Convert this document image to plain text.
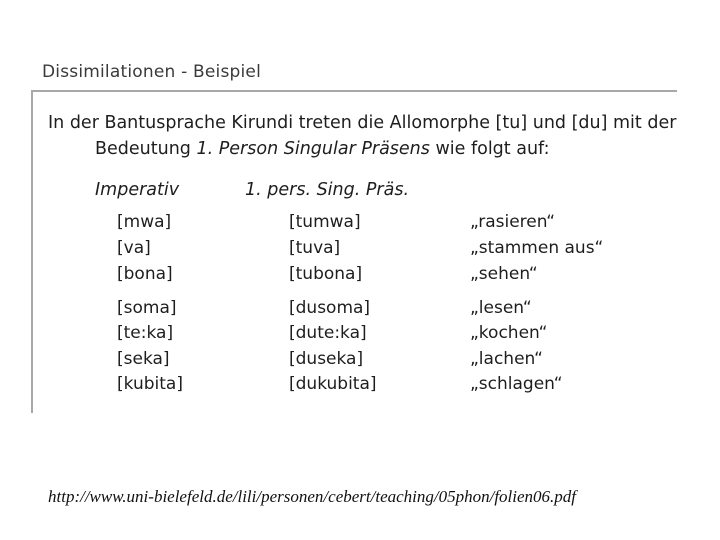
Dissimilationen - Beispiel
In der Bantusprache Kirundi treten die Allomorphe [tu] und [du] mit der
Bedeutung 1. Person Singular Präsens wie folgt auf:
Imperativ	1. pers. Sing. Präs.
[mwa]	[tumwa]	„rasieren“
[va]	[tuva]	„stammen aus“
[bona]	[tubona]	„sehen“
[soma]	[dusoma]	„lesen“
[te:ka]	[dute:ka]	„kochen“
[seka]	[duseka]	„lachen“
[kubita]	[dukubita]	„schlagen“
http://www.uni-bielefeld.de/lili/personen/cebert/teaching/05phon/folien06.pdf
